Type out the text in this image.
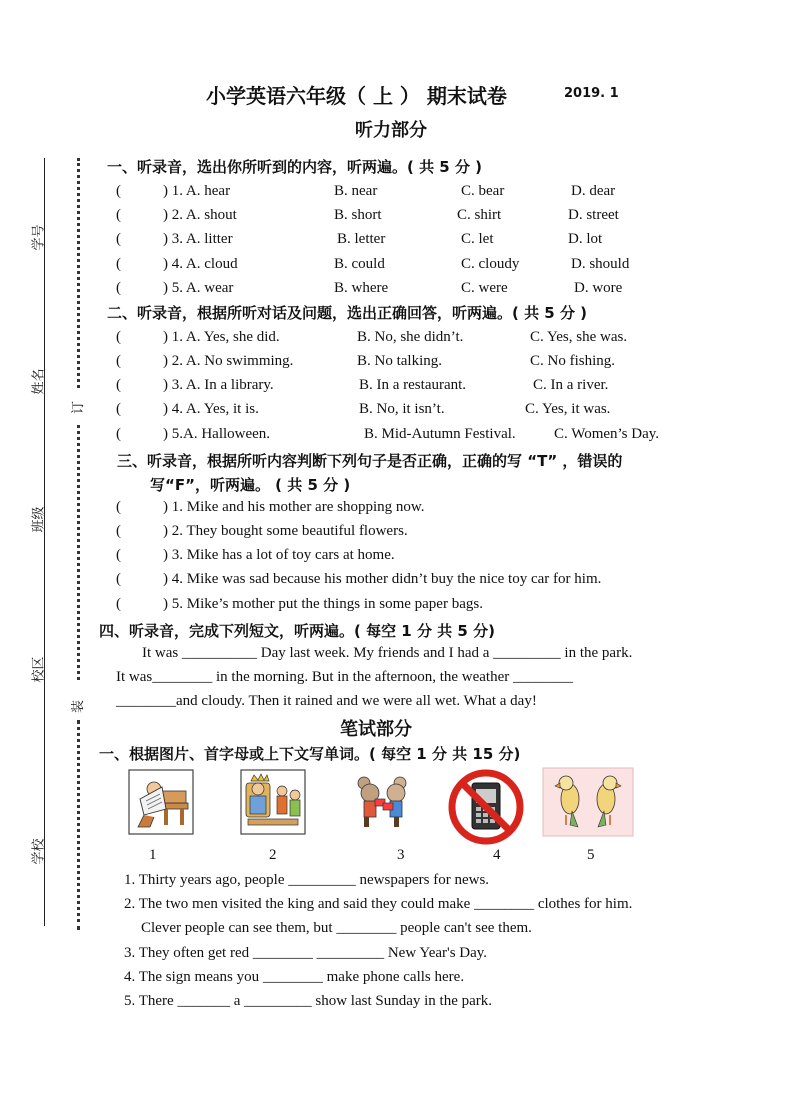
学号
姓名
班级
校区
学校
订
装
小学英语六年级（ 上 ） 期末试卷	2019. 1
听力部分
一、听录音，选出你所听到的内容，听两遍。( 共 5 分 )
(	) 1. A. hear	B. near	C. bear	D. dear
(	) 2. A. shout	B. short	C. shirt	D. street
(	) 3. A. litter	B. letter	C. let	D. lot
(	) 4. A. cloud	B. could	C. cloudy	D. should
(	) 5. A. wear	B. where	C. were	D. wore
二、听录音，根据所听对话及问题，选出正确回答，听两遍。( 共 5 分 )
(	) 1. A. Yes, she did.	B. No, she didn’t.	C. Yes, she was.
(	) 2. A. No swimming.	B. No talking.	C. No fishing.
(	) 3. A. In a library.	B. In a restaurant.	C. In a river.
(	) 4. A. Yes, it is.	B. No, it isn’t.	C. Yes, it was.
(	) 5.A. Halloween.	B. Mid-Autumn Festival.	C. Women’s Day.
三、听录音，根据所听内容判断下列句子是否正确，正确的写 “T” ，错误的
写“F”，听两遍。 ( 共 5 分 )
(	) 1. Mike and his mother are shopping now.
(	) 2. They bought some beautiful flowers.
(	) 3. Mike has a lot of toy cars at home.
(	) 4. Mike was sad because his mother didn’t buy the nice toy car for him.
(	) 5. Mike’s mother put the things in some paper bags.
四、听录音，完成下列短文，听两遍。( 每空 1 分 共 5 分)
It was __________ Day last week. My friends and I had a _________ in the park.
It was________ in the morning. But in the afternoon, the weather ________
________and cloudy. Then it rained and we were all wet. What a day!
笔试部分
一、根据图片、首字母或上下文写单词。( 每空 1 分 共 15 分)
1	2	3	4	5
1. Thirty years ago, people _________ newspapers for news.
2. The two men visited the king and said they could make ________ clothes for him.
Clever people can see them, but ________ people can't see them.
3. They often get red ________ _________ New Year's Day.
4. The sign means you ________ make phone calls here.
5. There _______ a _________ show last Sunday in the park.
